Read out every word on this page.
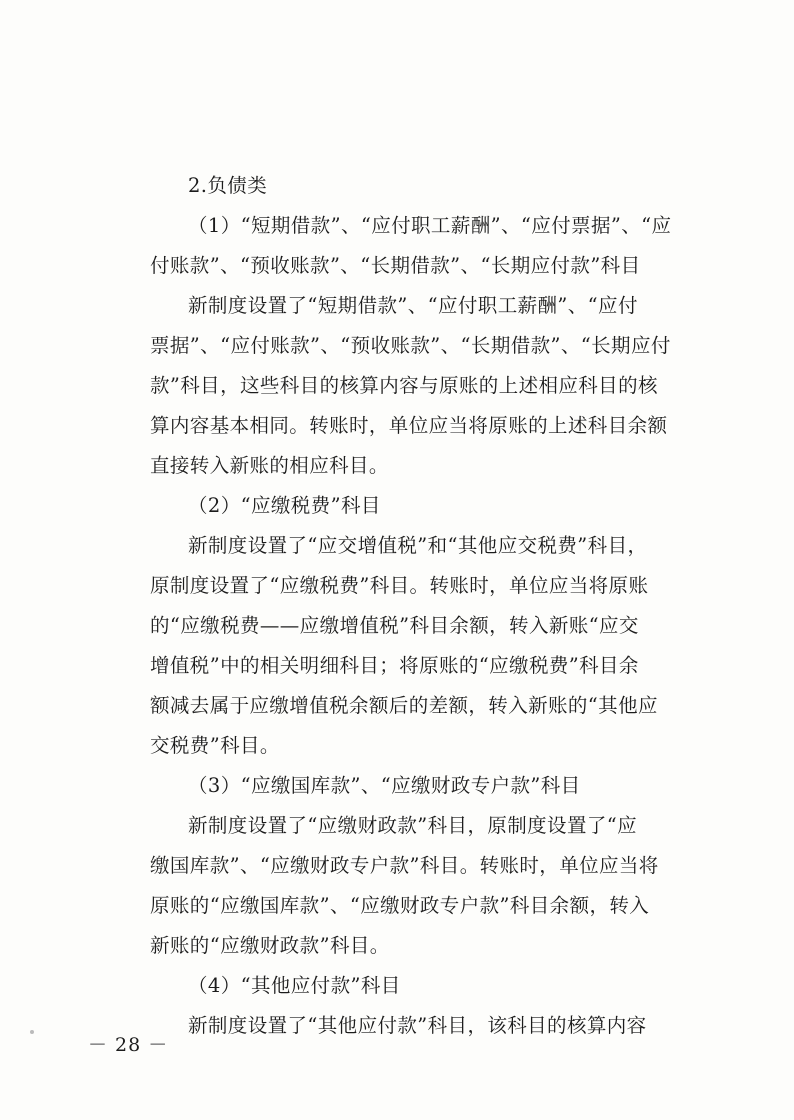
2.负债类
（1）“短期借款”、“应付职工薪酬”、“应付票据”、“应
付账款”、“预收账款”、“长期借款”、“长期应付款”科目
新制度设置了“短期借款”、“应付职工薪酬”、“应付
票据”、“应付账款”、“预收账款”、“长期借款”、“长期应付
款”科目，这些科目的核算内容与原账的上述相应科目的核
算内容基本相同。转账时，单位应当将原账的上述科目余额
直接转入新账的相应科目。
（2）“应缴税费”科目
新制度设置了“应交增值税”和“其他应交税费”科目，
原制度设置了“应缴税费”科目。转账时，单位应当将原账
的“应缴税费——应缴增值税”科目余额，转入新账“应交
增值税”中的相关明细科目；将原账的“应缴税费”科目余
额减去属于应缴增值税余额后的差额，转入新账的“其他应
交税费”科目。
（3）“应缴国库款”、“应缴财政专户款”科目
新制度设置了“应缴财政款”科目，原制度设置了“应
缴国库款”、“应缴财政专户款”科目。转账时，单位应当将
原账的“应缴国库款”、“应缴财政专户款”科目余额，转入
新账的“应缴财政款”科目。
（4）“其他应付款”科目
新制度设置了“其他应付款”科目，该科目的核算内容
－ 28 －
